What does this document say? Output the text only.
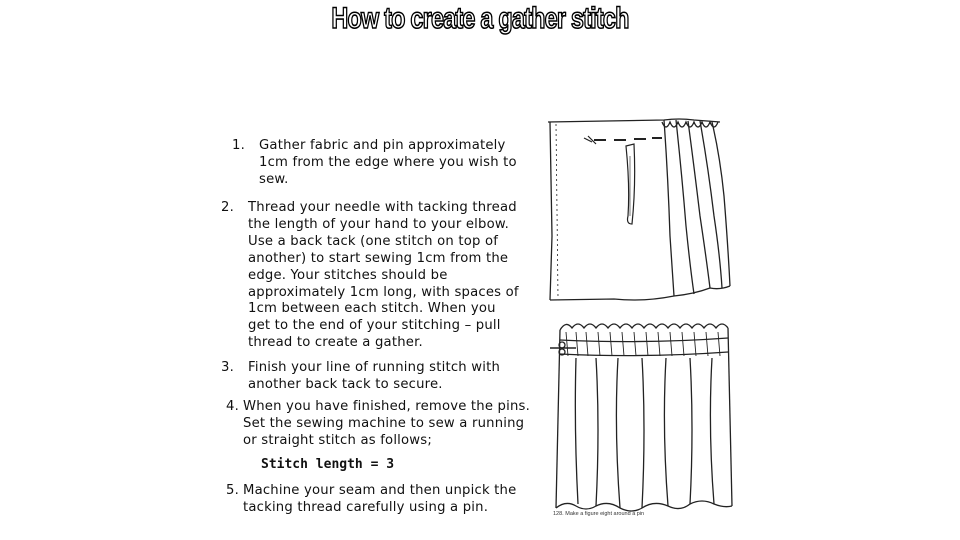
How to create a gather stitch
1. Gather fabric and pin approximately
1cm from the edge where you wish to
sew.
2. Thread your needle with tacking thread
the length of your hand to your elbow.
Use a back tack (one stitch on top of
another) to start sewing 1cm from the
edge. Your stitches should be
approximately 1cm long, with spaces of
1cm between each stitch. When you
get to the end of your stitching – pull
thread to create a gather.
3. Finish your line of running stitch with
another back tack to secure.
4. When you have finished, remove the pins.
Set the sewing machine to sew a running
or straight stitch as follows;
Stitch length = 3
5. Machine your seam and then unpick the
tacking thread carefully using a pin.	128. Make a figure eight around a pin
